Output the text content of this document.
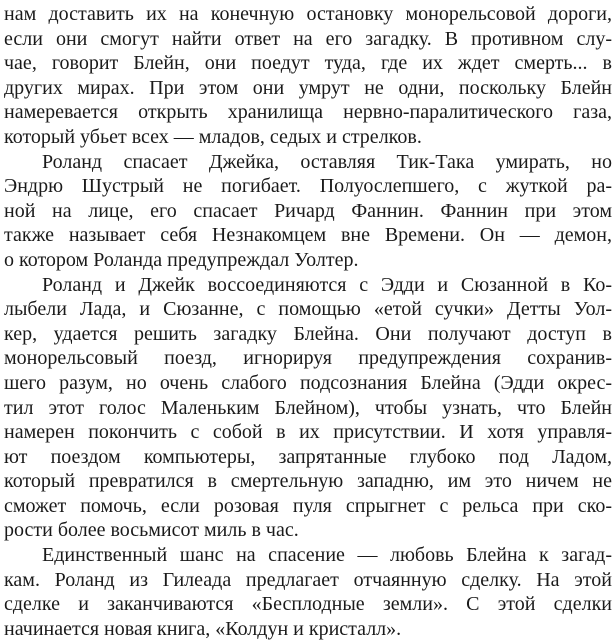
нам доставить их на конечную остановку монорельсовой дороги,
если они смогут найти ответ на его загадку. В противном слу-
чае, говорит Блейн, они поедут туда, где их ждет смерть... в
других мирах. При этом они умрут не одни, поскольку Блейн
намеревается открыть хранилища нервно-паралитического газа,
который убьет всех — младов, седых и стрелков.
Роланд спасает Джейка, оставляя Тик-Така умирать, но
Эндрю Шустрый не погибает. Полуослепшего, с жуткой ра-
ной на лице, его спасает Ричард Фаннин. Фаннин при этом
также называет себя Незнакомцем вне Времени. Он — демон,
о котором Роланда предупреждал Уолтер.
Роланд и Джейк воссоединяются с Эдди и Сюзанной в Ко-
лыбели Лада, и Сюзанне, с помощью «етой сучки» Детты Уол-
кер, удается решить загадку Блейна. Они получают доступ в
монорельсовый поезд, игнорируя предупреждения сохранив-
шего разум, но очень слабого подсознания Блейна (Эдди окрес-
тил этот голос Маленьким Блейном), чтобы узнать, что Блейн
намерен покончить с собой в их присутствии. И хотя управля-
ют поездом компьютеры, запрятанные глубоко под Ладом,
который превратился в смертельную западню, им это ничем не
сможет помочь, если розовая пуля спрыгнет с рельса при ско-
рости более восьмисот миль в час.
Единственный шанс на спасение — любовь Блейна к загад-
кам. Роланд из Гилеада предлагает отчаянную сделку. На этой
сделке и заканчиваются «Бесплодные земли». С этой сделки
начинается новая книга, «Колдун и кристалл».
